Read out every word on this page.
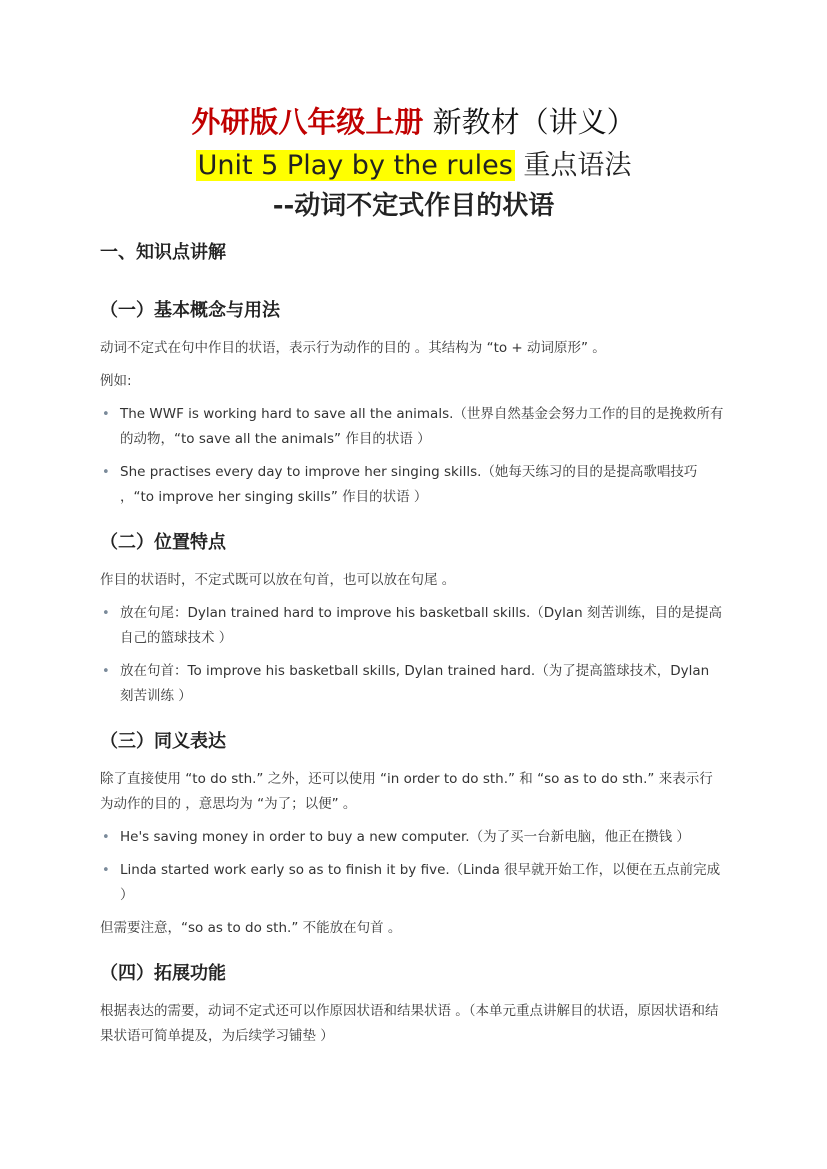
外研版八年级上册 新教材（讲义）
Unit 5 Play by the rules 重点语法
--动词不定式作目的状语
一、知识点讲解
（一）基本概念与用法
动词不定式在句中作目的状语，表示行为动作的目的 。其结构为 “to + 动词原形” 。
例如:
• The WWF is working hard to save all the animals.（世界自然基金会努力工作的目的是挽救所有的动物，“to save all the animals” 作目的状语 ）
• She practises every day to improve her singing skills.（她每天练习的目的是提高歌唱技巧 ，“to improve her singing skills” 作目的状语 ）
（二）位置特点
作目的状语时，不定式既可以放在句首，也可以放在句尾 。
• 放在句尾：Dylan trained hard to improve his basketball skills.（Dylan 刻苦训练，目的是提高自己的篮球技术 ）
• 放在句首：To improve his basketball skills, Dylan trained hard.（为了提高篮球技术，Dylan 刻苦训练 ）
（三）同义表达
除了直接使用 “to do sth.” 之外，还可以使用 “in order to do sth.” 和 “so as to do sth.” 来表示行为动作的目的 ，意思均为 “为了；以便” 。
• He's saving money in order to buy a new computer.（为了买一台新电脑，他正在攒钱 ）
• Linda started work early so as to finish it by five.（Linda 很早就开始工作，以便在五点前完成 ）
但需要注意，“so as to do sth.” 不能放在句首 。
（四）拓展功能
根据表达的需要，动词不定式还可以作原因状语和结果状语 。（本单元重点讲解目的状语，原因状语和结果状语可简单提及，为后续学习铺垫 ）
